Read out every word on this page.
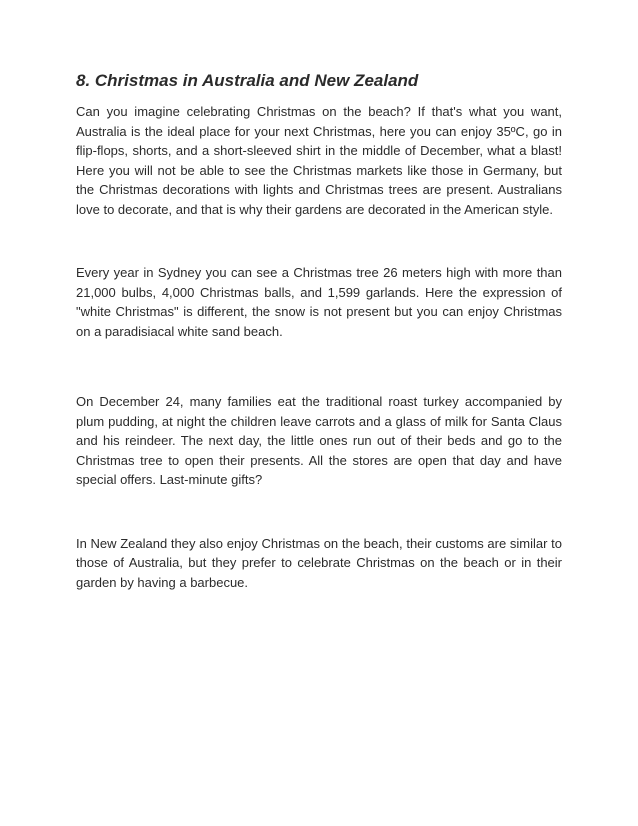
8. Christmas in Australia and New Zealand

Can you imagine celebrating Christmas on the beach? If that's what you want, Australia is the ideal place for your next Christmas, here you can enjoy 35ºC, go in flip-flops, shorts, and a short-sleeved shirt in the middle of December, what a blast! Here you will not be able to see the Christmas markets like those in Germany, but the Christmas decorations with lights and Christmas trees are present. Australians love to decorate, and that is why their gardens are decorated in the American style.

Every year in Sydney you can see a Christmas tree 26 meters high with more than 21,000 bulbs, 4,000 Christmas balls, and 1,599 garlands. Here the expression of "white Christmas" is different, the snow is not present but you can enjoy Christmas on a paradisiacal white sand beach.

On December 24, many families eat the traditional roast turkey accompanied by plum pudding, at night the children leave carrots and a glass of milk for Santa Claus and his reindeer. The next day, the little ones run out of their beds and go to the Christmas tree to open their presents. All the stores are open that day and have special offers. Last-minute gifts?

In New Zealand they also enjoy Christmas on the beach, their customs are similar to those of Australia, but they prefer to celebrate Christmas on the beach or in their garden by having a barbecue.
